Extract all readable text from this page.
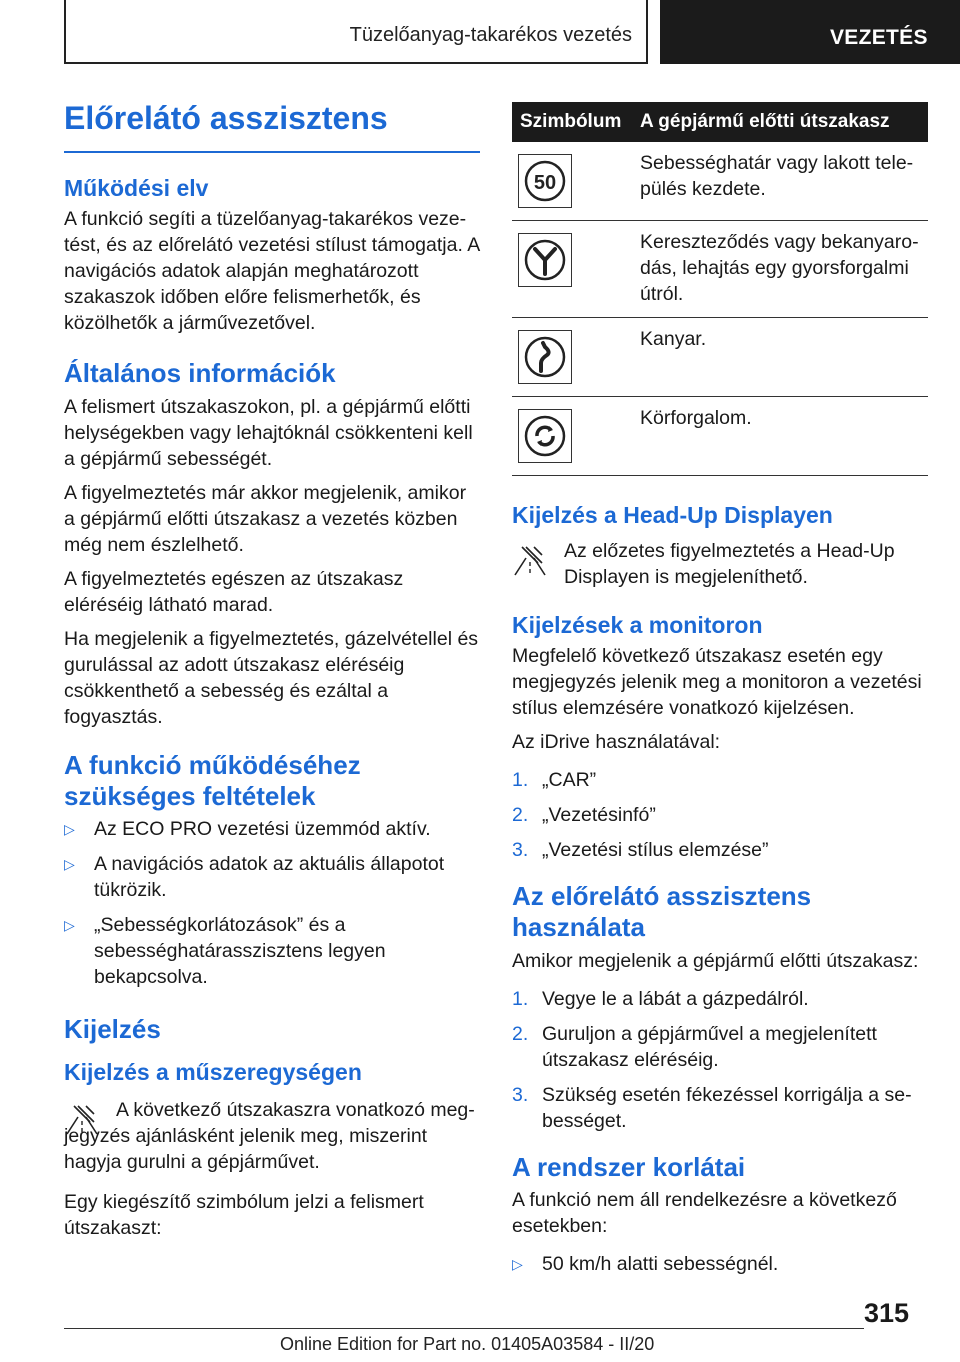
Tüzelőanyag-takarékos vezetés	VEZETÉS
Előrelátó asszisztens
Működési elv

A funkció segíti a tüzelőanyag-takarékos vezetést, és az előrelátó vezetési stílust támogatja. A navigációs adatok alapján meghatározott szakaszok időben előre felismerhetők, és közölhetők a járművezetővel.

Általános információk

A felismert útszakaszokon, pl. a gépjármű előtti helységekben vagy lehajtóknál csökkenteni kell a gépjármű sebességét.

A figyelmeztetés már akkor megjelenik, amikor a gépjármű előtti útszakasz a vezetés közben még nem észlelhető.

A figyelmeztetés egészen az útszakasz eléréséig látható marad.

Ha megjelenik a figyelmeztetés, gázelvétellel és gurulással az adott útszakasz eléréséig csökkenthető a sebesség és ezáltal a fogyasztás.

A funkció működéséhez szükséges feltételek
▷ Az ECO PRO vezetési üzemmód aktív.
▷ A navigációs adatok az aktuális állapotot tükrözik.
▷ „Sebességkorlátozások” és a sebességhatárasszisztens legyen bekapcsolva.
Kijelzés
Kijelzés a műszeregységen

A következő útszakaszra vonatkozó megjegyzés ajánlásként jelenik meg, miszerint hagyja gurulni a gépjárművet.

Egy kiegészítő szimbólum jelzi a felismert útszakaszt:

Szimbólum	A gépjármű előtti útszakasz

50	Sebességhatár vagy lakott település kezdete.

	Kereszteződés vagy bekanyarodás, lehajtás egy gyorsforgalmi útról.

	Kanyar.

	Körforgalom.
Kijelzés a Head-Up Displayen

Az előzetes figyelmeztetés a Head-Up Displayen is megjeleníthető.

Kijelzések a monitoron

Megfelelő következő útszakasz esetén egy megjegyzés jelenik meg a monitoron a vezetési stílus elemzésére vonatkozó kijelzésen.

Az iDrive használatával:

1. „CAR”
2. „Vezetésinfó”
3. „Vezetési stílus elemzése”
Az előrelátó asszisztens használata

Amikor megjelenik a gépjármű előtti útszakasz:

1. Vegye le a lábát a gázpedálról.
2. Guruljon a gépjárművel a megjelenített útszakasz eléréséig.
3. Szükség esetén fékezéssel korrigálja a sebességet.
A rendszer korlátai

A funkció nem áll rendelkezésre a következő esetekben:

▷ 50 km/h alatti sebességnél.
315
Online Edition for Part no. 01405A03584 - II/20
